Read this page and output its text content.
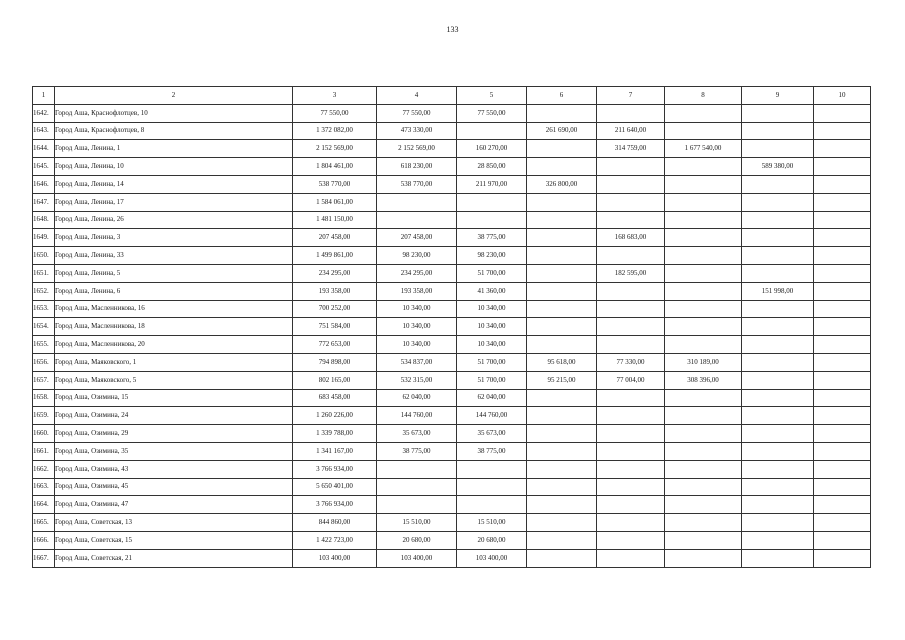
133
1	2	3	4	5	6	7	8	9	10
1642.	Город Аша, Краснофлотцев, 10	77 550,00	77 550,00	77 550,00					
1643.	Город Аша, Краснофлотцев, 8	1 372 082,00	473 330,00		261 690,00	211 640,00			
1644.	Город Аша, Ленина, 1	2 152 569,00	2 152 569,00	160 270,00		314 759,00	1 677 540,00		
1645.	Город Аша, Ленина, 10	1 804 461,00	618 230,00	28 850,00				589 380,00	
1646.	Город Аша, Ленина, 14	538 770,00	538 770,00	211 970,00	326 800,00				
1647.	Город Аша, Ленина, 17	1 584 061,00							
1648.	Город Аша, Ленина, 26	1 481 150,00							
1649.	Город Аша, Ленина, 3	207 458,00	207 458,00	38 775,00		168 683,00			
1650.	Город Аша, Ленина, 33	1 499 861,00	98 230,00	98 230,00					
1651.	Город Аша, Ленина, 5	234 295,00	234 295,00	51 700,00		182 595,00			
1652.	Город Аша, Ленина, 6	193 358,00	193 358,00	41 360,00				151 998,00	
1653.	Город Аша, Масленникова, 16	700 252,00	10 340,00	10 340,00					
1654.	Город Аша, Масленникова, 18	751 584,00	10 340,00	10 340,00					
1655.	Город Аша, Масленникова, 20	772 653,00	10 340,00	10 340,00					
1656.	Город Аша, Маяковского, 1	794 898,00	534 837,00	51 700,00	95 618,00	77 330,00	310 189,00		
1657.	Город Аша, Маяковского, 5	802 165,00	532 315,00	51 700,00	95 215,00	77 004,00	308 396,00		
1658.	Город Аша, Озимина, 15	683 458,00	62 040,00	62 040,00					
1659.	Город Аша, Озимина, 24	1 260 226,00	144 760,00	144 760,00					
1660.	Город Аша, Озимина, 29	1 339 788,00	35 673,00	35 673,00					
1661.	Город Аша, Озимина, 35	1 341 167,00	38 775,00	38 775,00					
1662.	Город Аша, Озимина, 43	3 766 934,00							
1663.	Город Аша, Озимина, 45	5 650 401,00							
1664.	Город Аша, Озимина, 47	3 766 934,00							
1665.	Город Аша, Советская, 13	844 860,00	15 510,00	15 510,00					
1666.	Город Аша, Советская, 15	1 422 723,00	20 680,00	20 680,00					
1667.	Город Аша, Советская, 21	103 400,00	103 400,00	103 400,00					
